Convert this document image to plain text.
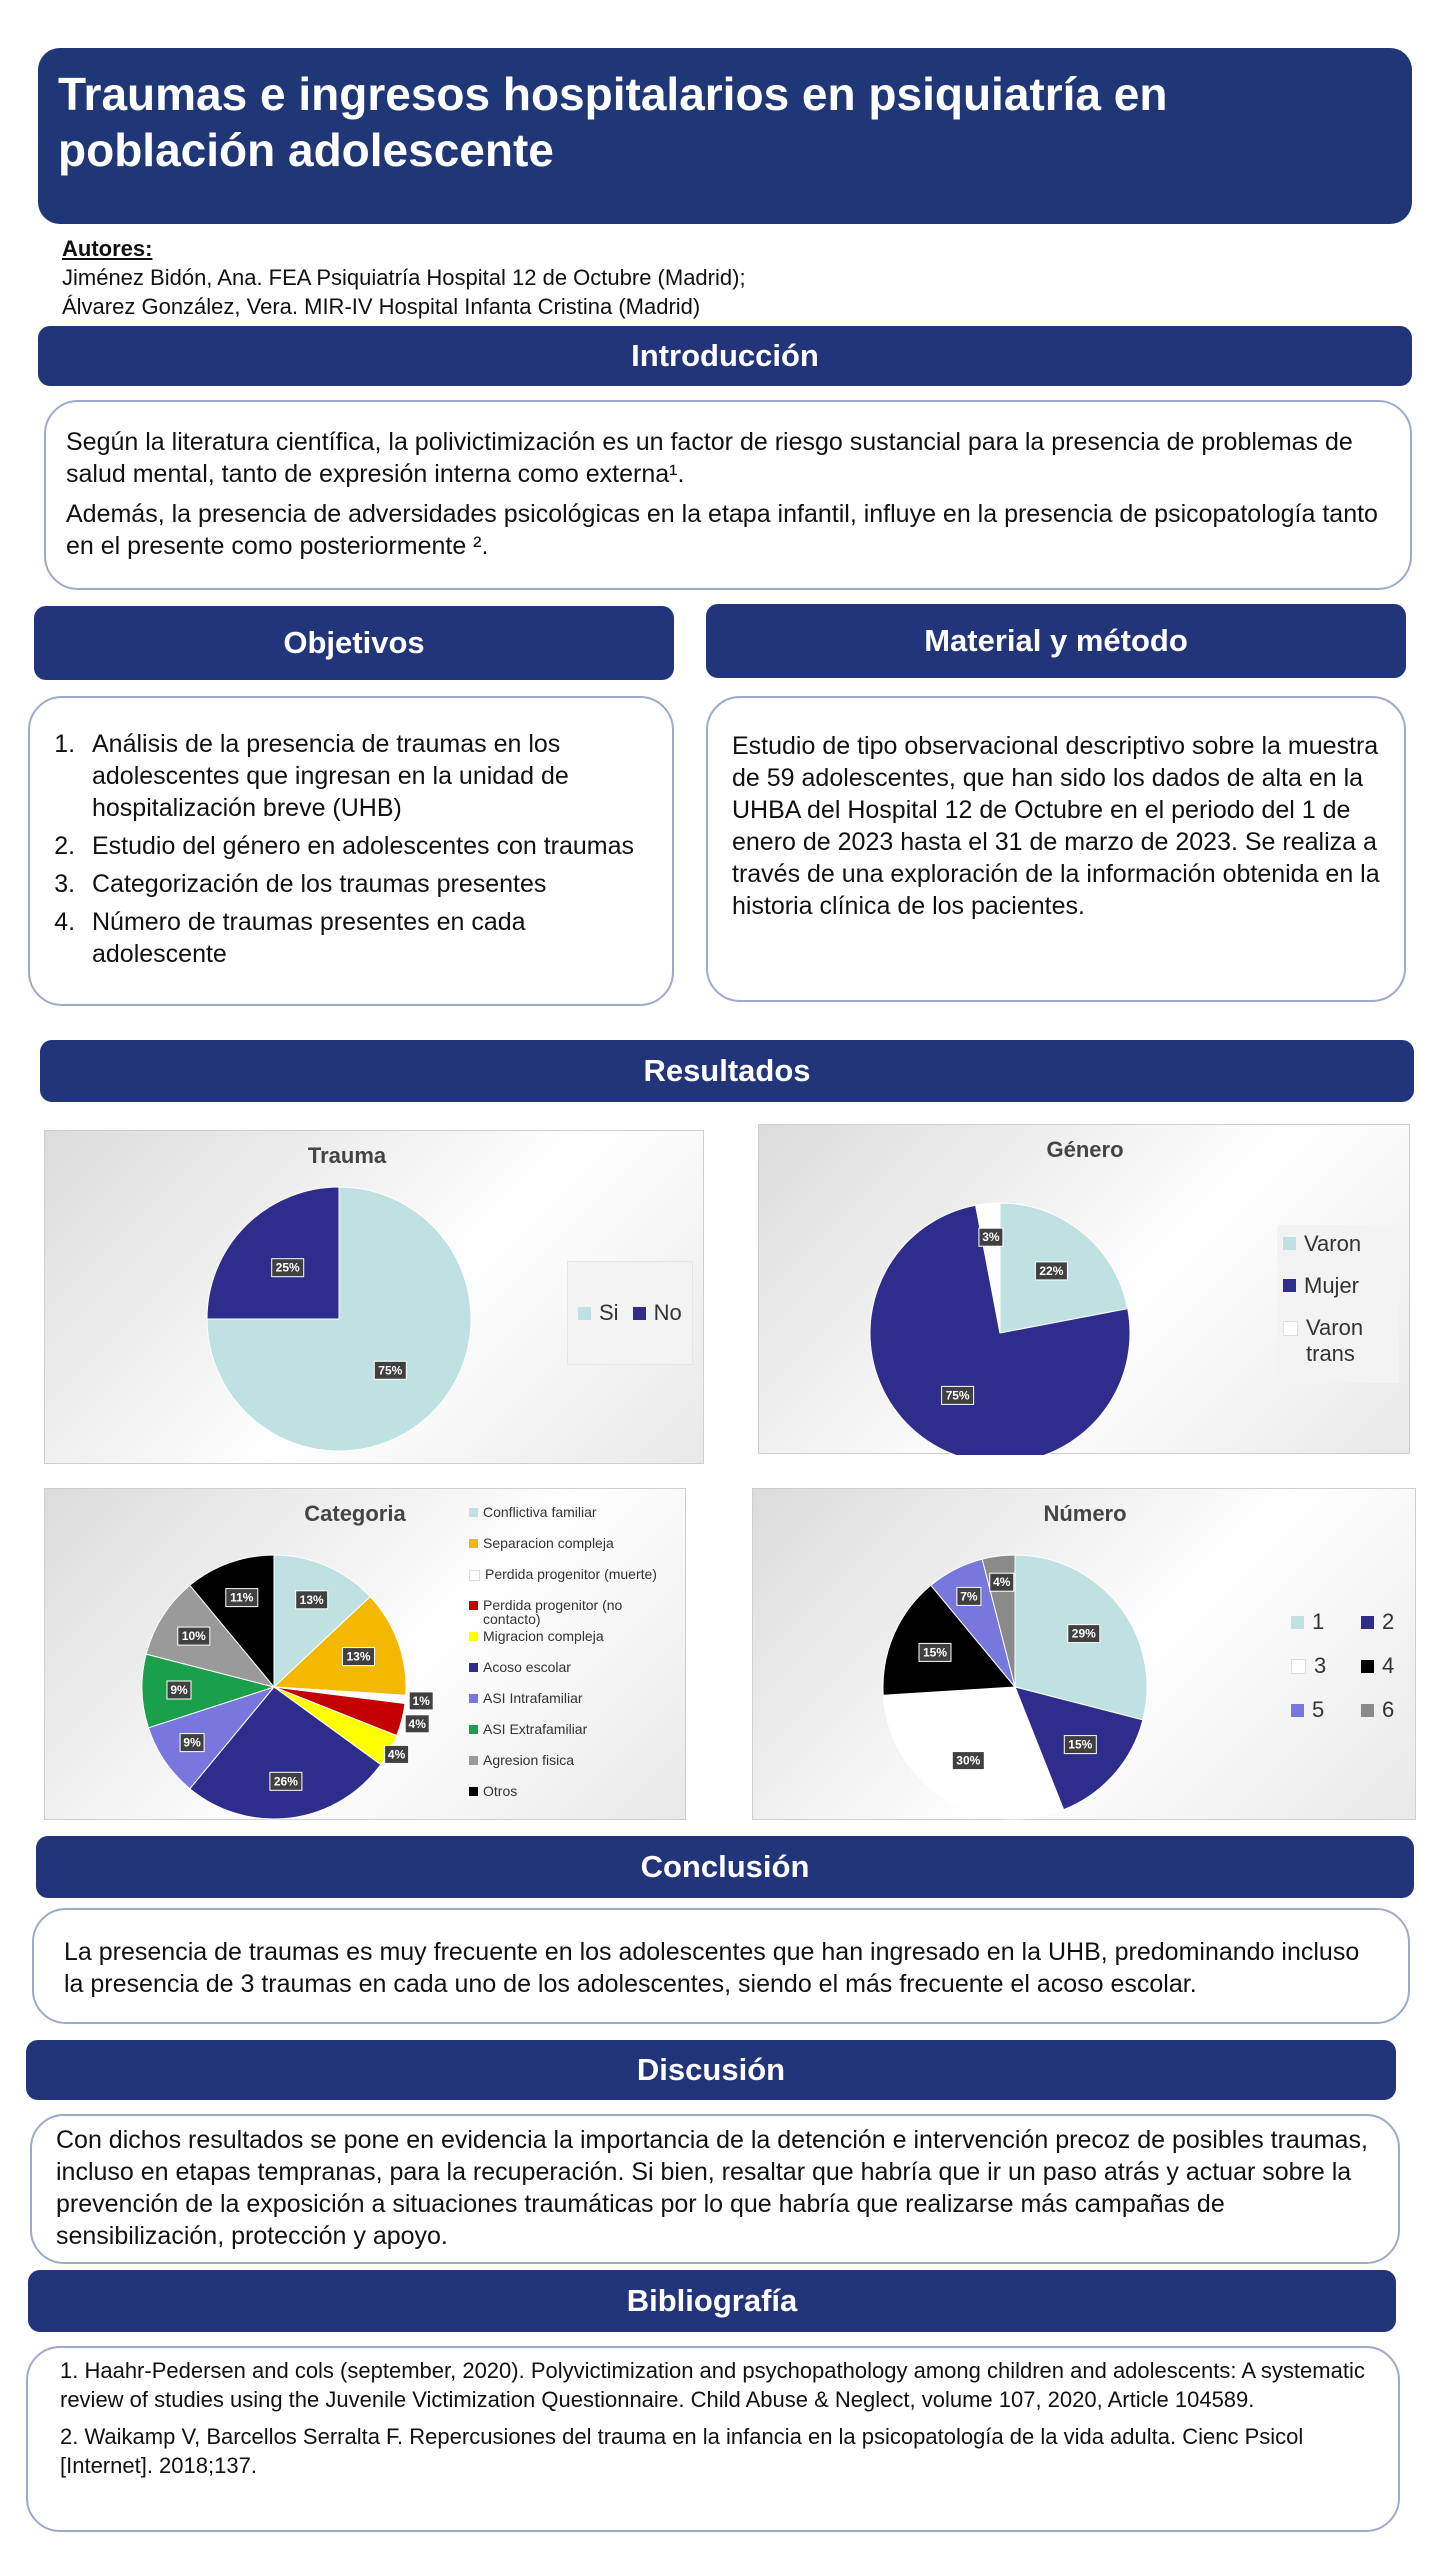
Traumas e ingresos hospitalarios en psiquiatría en población adolescente
Autores:
Jiménez Bidón, Ana. FEA Psiquiatría Hospital 12 de Octubre (Madrid);
Álvarez González, Vera. MIR-IV Hospital Infanta Cristina (Madrid)
Introducción

Según la literatura científica, la polivictimización es un factor de riesgo sustancial para la presencia de problemas de salud mental, tanto de expresión interna como externa¹.

Además, la presencia de adversidades psicológicas en la etapa infantil, influye en la presencia de psicopatología tanto en el presente como posteriormente ².

Objetivos
1. Análisis de la presencia de traumas en los adolescentes que ingresan en la unidad de hospitalización breve (UHB)
2. Estudio del género en adolescentes con traumas
3. Categorización de los traumas presentes
4. Número de traumas presentes en cada adolescente
Material y método

Estudio de tipo observacional descriptivo sobre la muestra de 59 adolescentes, que han sido los dados de alta en la UHBA del Hospital 12 de Octubre en el periodo del 1 de enero de 2023 hasta el 31 de marzo de 2023. Se realiza a través de una exploración de la información obtenida en la historia clínica de los pacientes.

Resultados
Trauma
75%
25%
Si No
Género
22%
75%
3%	Varon
Mujer
Varon trans
Categoria
13%
13%
1%
4%
4%
26%
9%
9%
10%
11%
Conflictiva familiar
Separacion compleja
Perdida progenitor (muerte)
Perdida progenitor (no contacto)
Migracion compleja
Acoso escolar
ASI Intrafamiliar
ASI Extrafamiliar
Agresion fisica
Otros
Número
29%
15%
30%
15%
7%
4%
1	2
3	4
5	6
Conclusión

La presencia de traumas es muy frecuente en los adolescentes que han ingresado en la UHB, predominando incluso la presencia de 3 traumas en cada uno de los adolescentes, siendo el más frecuente el acoso escolar.

Discusión

Con dichos resultados se pone en evidencia la importancia de la detención e intervención precoz de posibles traumas, incluso en etapas tempranas, para la recuperación. Si bien, resaltar que habría que ir un paso atrás y actuar sobre la prevención de la exposición a situaciones traumáticas por lo que habría que realizarse más campañas de sensibilización, protección y apoyo.

Bibliografía

1. Haahr-Pedersen and cols (september, 2020). Polyvictimization and psychopathology among children and adolescents: A systematic review of studies using the Juvenile Victimization Questionnaire. Child Abuse & Neglect, volume 107, 2020, Article 104589.

2. Waikamp V, Barcellos Serralta F. Repercusiones del trauma en la infancia en la psicopatología de la vida adulta. Cienc Psicol [Internet]. 2018;137.
